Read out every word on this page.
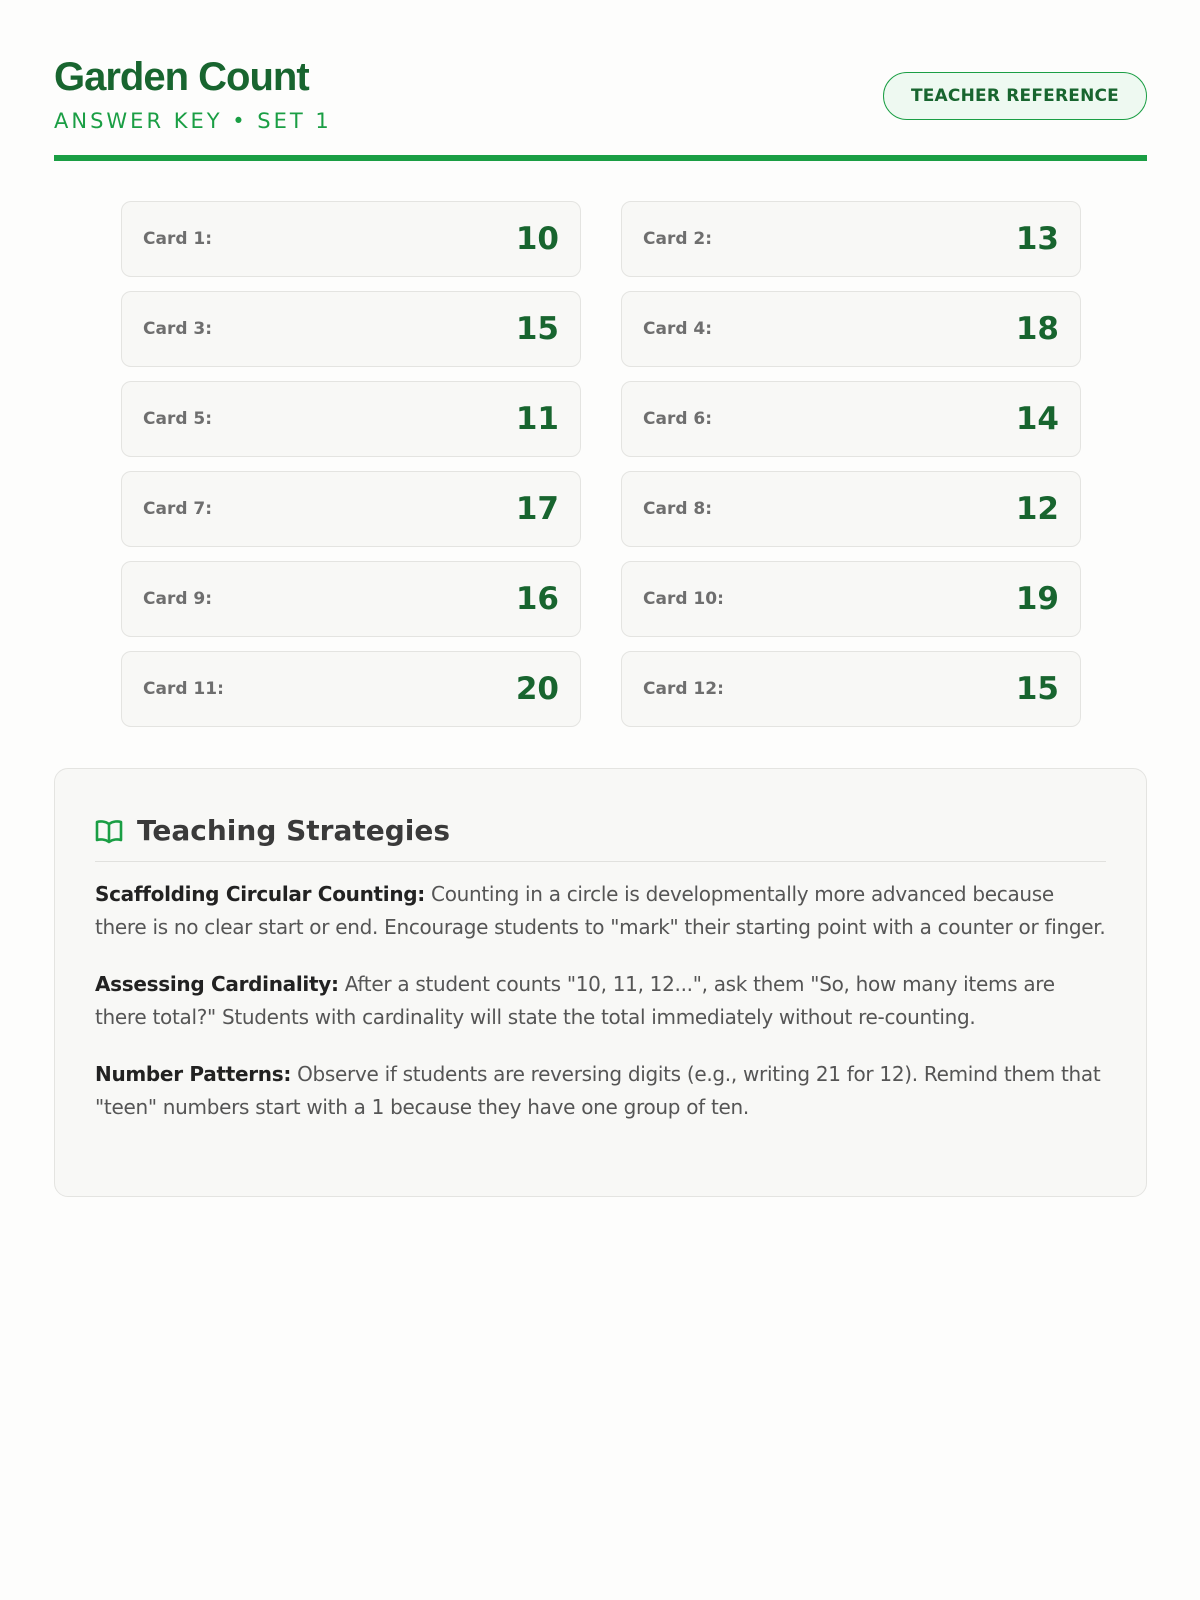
Garden Count
ANSWER KEY • SET 1
TEACHER REFERENCE
Card 1:	10	Card 2:	13
Card 3:	15	Card 4:	18
Card 5:	11	Card 6:	14
Card 7:	17	Card 8:	12
Card 9:	16	Card 10:	19
Card 11:	20	Card 12:	15
Teaching Strategies

Scaffolding Circular Counting: Counting in a circle is developmentally more advanced because there is no clear start or end. Encourage students to "mark" their starting point with a counter or finger.

Assessing Cardinality: After a student counts "10, 11, 12...", ask them "So, how many items are there total?" Students with cardinality will state the total immediately without re-counting.

Number Patterns: Observe if students are reversing digits (e.g., writing 21 for 12). Remind them that "teen" numbers start with a 1 because they have one group of ten.
